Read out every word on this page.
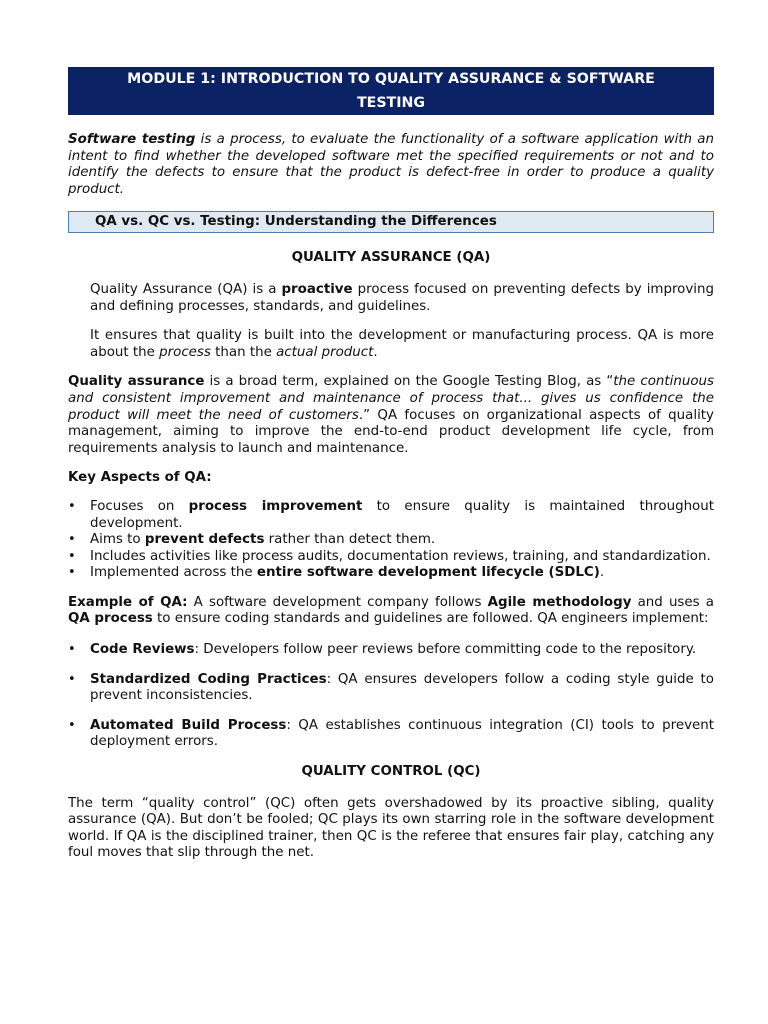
MODULE 1: INTRODUCTION TO QUALITY ASSURANCE & SOFTWARE
TESTING

Software testing is a process, to evaluate the functionality of a software application with an intent to find whether the developed software met the specified requirements or not and to identify the defects to ensure that the product is defect-free in order to produce a quality product.

QA vs. QC vs. Testing: Understanding the Differences
QUALITY ASSURANCE (QA)
Quality Assurance (QA) is a proactive process focused on preventing defects by improving and defining processes, standards, and guidelines.
It ensures that quality is built into the development or manufacturing process. QA is more about the process than the actual product.

Quality assurance is a broad term, explained on the Google Testing Blog, as “the continuous and consistent improvement and maintenance of process that... gives us confidence the product will meet the need of customers.” QA focuses on organizational aspects of quality management, aiming to improve the end-to-end product development life cycle, from requirements analysis to launch and maintenance.

Key Aspects of QA:
•	Focuses on process improvement to ensure quality is maintained throughout development.
•	Aims to prevent defects rather than detect them.
•	Includes activities like process audits, documentation reviews, training, and standardization.
•	Implemented across the entire software development lifecycle (SDLC).

Example of QA: A software development company follows Agile methodology and uses a QA process to ensure coding standards and guidelines are followed. QA engineers implement:

•	Code Reviews: Developers follow peer reviews before committing code to the repository.
•	Standardized Coding Practices: QA ensures developers follow a coding style guide to prevent inconsistencies.
•	Automated Build Process: QA establishes continuous integration (CI) tools to prevent deployment errors.
QUALITY CONTROL (QC)

The term “quality control” (QC) often gets overshadowed by its proactive sibling, quality assurance (QA). But don’t be fooled; QC plays its own starring role in the software development world. If QA is the disciplined trainer, then QC is the referee that ensures fair play, catching any foul moves that slip through the net.
